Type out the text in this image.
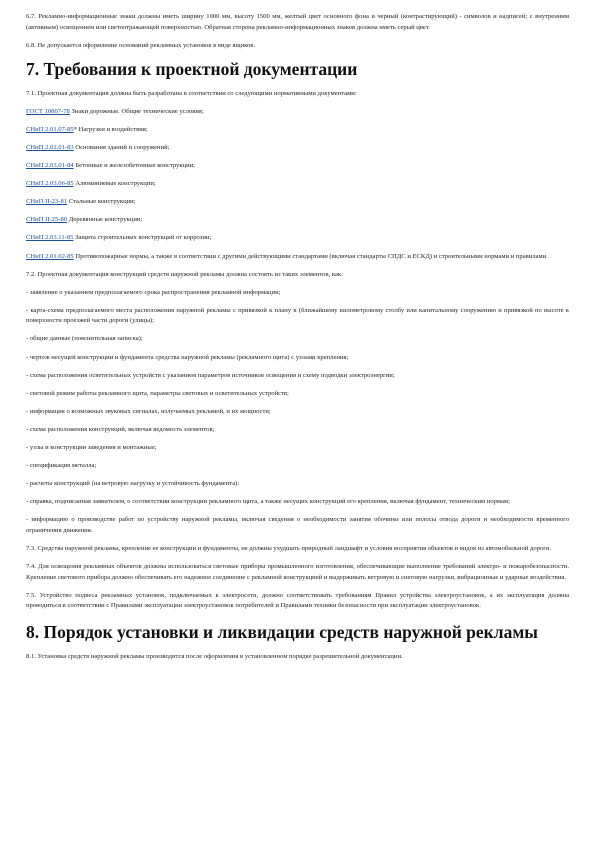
6.7. Рекламно-информационные знаки должны иметь ширину 1000 мм, высоту 1500 мм, желтый цвет основного фона и черный (контрастирующий) - символов и надписей; с внутренним (активным) освещением или светоотражающей поверхностью. Обратная сторона рекламно-информационных знаков должна иметь серый цвет.

6.8. Не допускается оформление оснований рекламных установок в виде ящиков.

7. Требования к проектной документации

7.1. Проектная документация должна быть разработана в соответствии со следующими нормативными документами:

ГОСТ 10807-78 Знаки дорожные. Общие технические условия;

СНиП 2.01.07-85* Нагрузки и воздействия;

СНиП 2.02.01-83 Основания зданий и сооружений;

СНиП 2.03.01-84 Бетонные и железобетонные конструкции;

СНиП 2.03.06-85 Алюминиевые конструкции;

СНиП II-23-81 Стальные конструкции;

СНиП II-25-80 Деревянные конструкции;

СНиП 2.03.11-85 Защита строительных конструкций от коррозии;

СНиП 2.01.02-85 Противопожарные нормы, а также в соответствии с другими действующими стандартами (включая стандарты СПДС и ЕСКД) и строительными нормами и правилами.

7.2. Проектная документация конструкций средств наружной рекламы должна состоять из таких элементов, как:

- заявление о указанием предполагаемого срока распространения рекламной информации;

- карта-схема предполагаемого места расположения наружной рекламы с привязкой к плану к (ближайшему километровому столбу или капитальному сооружению и привязкой по высоте к поверхности проезжей части дороги (улицы);

- общие данные (пояснительная записка);

- чертеж несущей конструкции и фундамента средства наружной рекламы (рекламного щита) с узлами крепления;

- схема расположения осветительных устройств с указанием параметров источников освещения и схему подводки электроэнергии;

- световой режим работы рекламного щита, параметры световых и осветительных устройств;

- информация о возможных звуковых сигналах, излучаемых рекламой, и их мощности;

- схема расположения конструкций, включая ведомость элементов;

- узлы и конструкции заведения и монтажные;

- спецификация металла;

- расчеты конструкций (на ветровую нагрузку и устойчивость фундамента);

- справка, подписанная заявителем, о соответствии конструкции рекламного щита, а также несущих конструкций его крепления, включая фундамент, техническим нормам;

- информацию о производстве работ по устройству наружной рекламы, включая сведения о необходимости занятия обочины или полосы отвода дороги и необходимости временного ограничения движения.

7.3. Средства наружной рекламы, крепление ее конструкции и фундаменты, не должны ухудшать природный ландшафт и условия восприятия объектов и видов из автомобильной дороги.

7.4. Для освещения рекламных объектов должны использоваться световые приборы промышленного изготовления, обеспечивающие выполнение требований электро- и пожаробезопасности. Крепление светового прибора должно обеспечивать его надежное соединение с рекламной конструкцией и выдерживать ветровую и снеговую нагрузки, вибрационные и ударные воздействия.

7.5. Устройство подвеса рекламных установок, подключаемых к электросети, должно соответствовать требованиям Правил устройства электроустановок, а их эксплуатация должна проводиться в соответствии с Правилами эксплуатации электроустановок потребителей и Правилами техники безопасности при эксплуатации электроустановок.

8. Порядок установки и ликвидации средств наружной рекламы

8.1. Установка средств наружной рекламы производится после оформления в установленном порядке разрешительной документации.
